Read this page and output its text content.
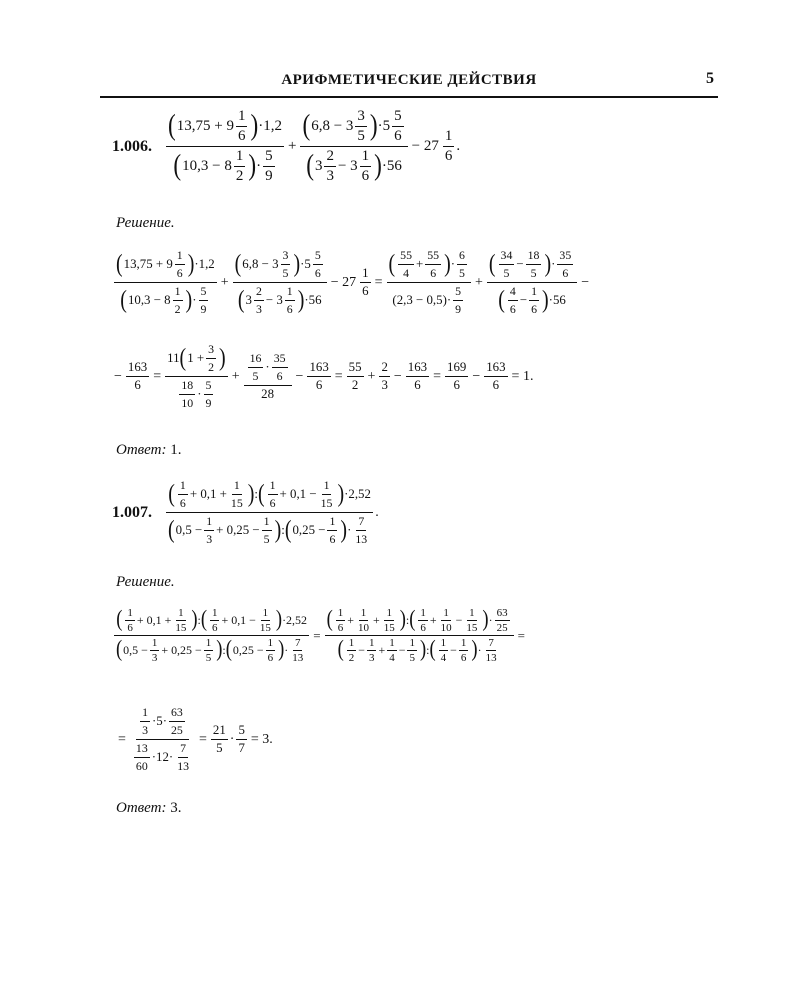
АРИФМЕТИЧЕСКИЕ ДЕЙСТВИЯ	5
1.006. $\frac{( 13,75 + 9 \frac{1}{6} ) \cdot 1,2}{( 10,3 - 8 \frac{1}{2} ) \cdot \frac{5}{9}} + \frac{( 6,8 - 3 \frac{3}{5} ) \cdot 5 \frac{5}{6}}{( 3 \frac{2}{3} - 3 \frac{1}{6} ) \cdot 56} - 27 \frac{1}{6}$ .
Решение.
$\frac{( 13,75 + 9 \frac{1}{6} ) \cdot 1,2}{( 10,3 - 8 \frac{1}{2} ) \cdot \frac{5}{9}} + \frac{( 6,8 - 3 \frac{3}{5} ) \cdot 5 \frac{5}{6}}{( 3 \frac{2}{3} - 3 \frac{1}{6} ) \cdot 56} - 27 \frac{1}{6} = \frac{( \frac{55}{4} + \frac{55}{6} ) \cdot \frac{6}{5}}{(2,3 - 0,5)\cdot \frac{5}{9}} + \frac{( \frac{34}{5} - \frac{18}{5} ) \cdot \frac{35}{6}}{( \frac{4}{6} - \frac{1}{6} ) \cdot 56}$ −
− $\frac{163}{6} = \frac{11 ( 1 + \frac{3}{2} )}{\frac{18}{10} \cdot \frac{5}{9}} + \frac{\frac{16}{5} \cdot \frac{35}{6}}{28} - \frac{163}{6} = \frac{55}{2} + \frac{2}{3} - \frac{163}{6} = \frac{169}{6} - \frac{163}{6} = 1$.
Ответ: 1.
1.007. $\frac{( \frac{1}{6} + 0,1 + \frac{1}{15} ) : ( \frac{1}{6} + 0,1 - \frac{1}{15} ) \cdot 2,52}{( 0,5 - \frac{1}{3} + 0,25 - \frac{1}{5} ) : ( 0,25 - \frac{1}{6} ) \cdot \frac{7}{13}}$ .
Решение.
$\frac{( \frac{1}{6} + 0,1 + \frac{1}{15} ) : ( \frac{1}{6} + 0,1 - \frac{1}{15} ) \cdot 2,52}{( 0,5 - \frac{1}{3} + 0,25 - \frac{1}{5} ) : ( 0,25 - \frac{1}{6} ) \cdot \frac{7}{13}} = \frac{( \frac{1}{6} + \frac{1}{10} + \frac{1}{15} ) : ( \frac{1}{6} + \frac{1}{10} - \frac{1}{15} ) \cdot \frac{63}{25}}{( \frac{1}{2} - \frac{1}{3} + \frac{1}{4} - \frac{1}{5} ) : ( \frac{1}{4} - \frac{1}{6} ) \cdot \frac{7}{13}}$ =
= $\frac{\frac{1}{3} \cdot 5\cdot \frac{63}{25}}{\frac{13}{60} \cdot 12\cdot \frac{7}{13}} = \frac{21}{5} \cdot \frac{5}{7} = 3$.
Ответ: 3.
